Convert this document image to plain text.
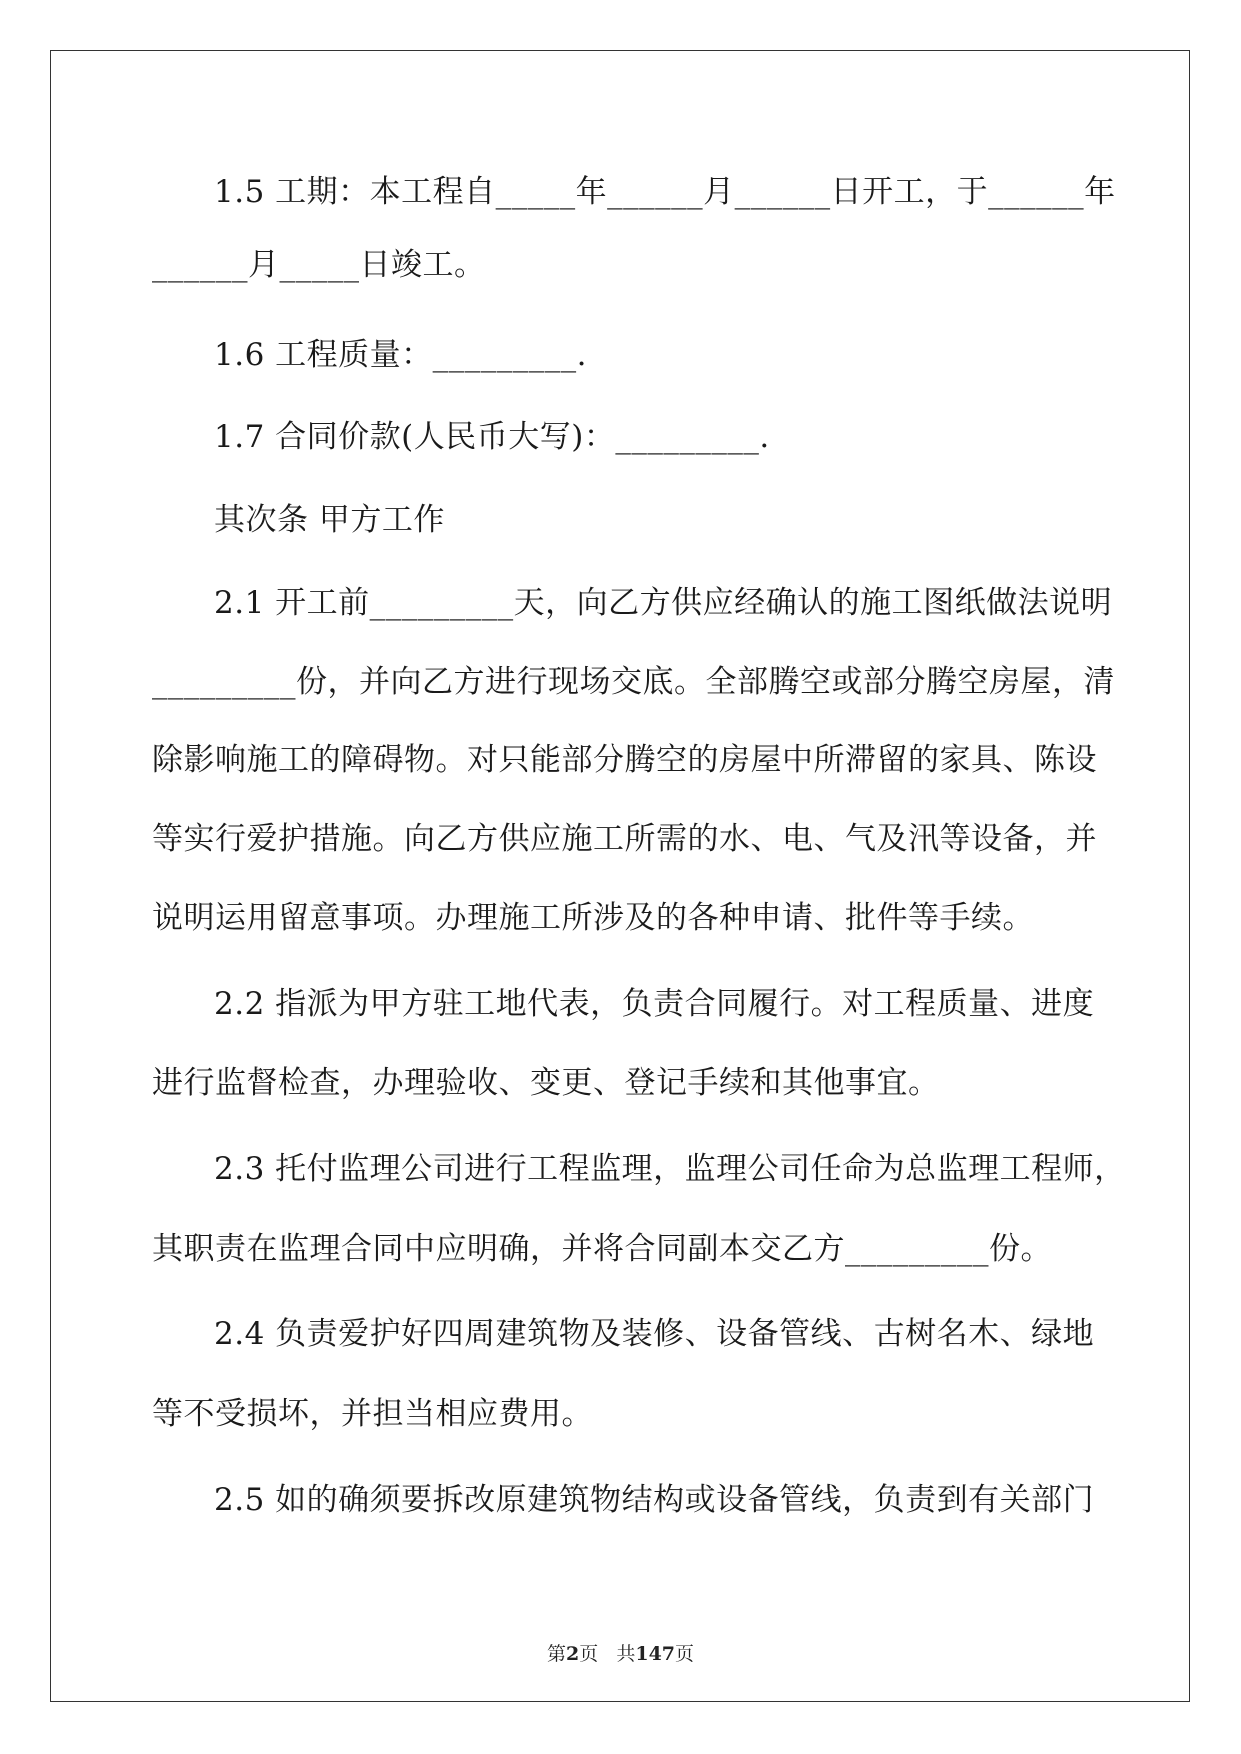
1.5 工期：本工程自_____年______月______日开工，于______年
______月_____日竣工。
1.6 工程质量：_________.
1.7 合同价款(人民币大写)：_________.
其次条 甲方工作
2.1 开工前_________天，向乙方供应经确认的施工图纸做法说明
_________份，并向乙方进行现场交底。全部腾空或部分腾空房屋，清
除影响施工的障碍物。对只能部分腾空的房屋中所滞留的家具、陈设
等实行爱护措施。向乙方供应施工所需的水、电、气及汛等设备，并
说明运用留意事项。办理施工所涉及的各种申请、批件等手续。
2.2 指派为甲方驻工地代表，负责合同履行。对工程质量、进度
进行监督检查，办理验收、变更、登记手续和其他事宜。
2.3 托付监理公司进行工程监理，监理公司任命为总监理工程师，
其职责在监理合同中应明确，并将合同副本交乙方_________份。
2.4 负责爱护好四周建筑物及装修、设备管线、古树名木、绿地
等不受损坏，并担当相应费用。
2.5 如的确须要拆改原建筑物结构或设备管线，负责到有关部门
第2页   共147页
